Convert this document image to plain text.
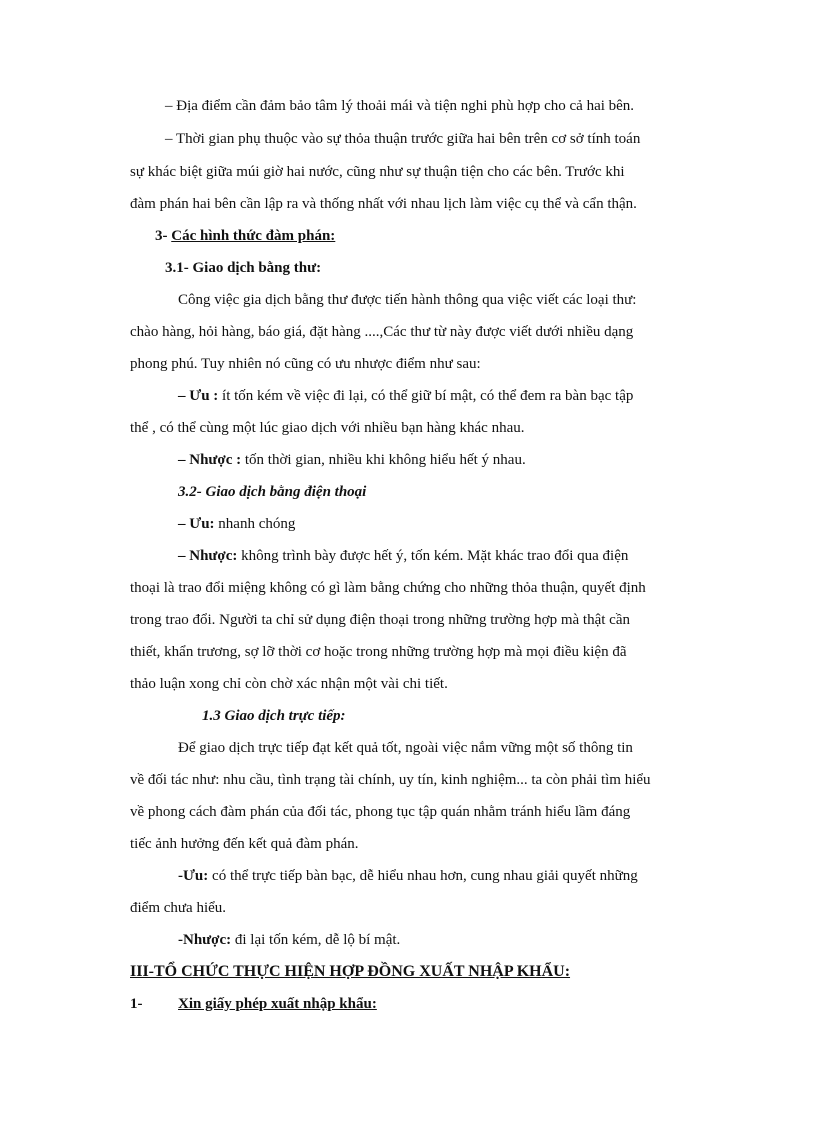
– Địa điểm cần đảm bảo tâm lý thoải mái và tiện nghi phù hợp cho cả hai bên.
– Thời gian phụ thuộc vào sự thỏa thuận trước giữa hai bên trên cơ sở tính toán
sự khác biệt giữa múi giờ hai nước, cũng như sự thuận tiện cho các bên. Trước khi
đàm phán hai bên cần lập ra và thống nhất với nhau lịch làm việc cụ thể và cẩn thận.
3- Các hình thức đàm phán:
3.1- Giao dịch bằng thư:
Công việc gia dịch bằng thư được tiến hành thông qua việc viết các loại thư:
chào hàng, hỏi hàng, báo giá, đặt hàng ....,Các thư từ này được viết dưới nhiều dạng
phong phú. Tuy nhiên nó cũng có ưu nhược điểm như sau:
– Ưu : ít tốn kém về việc đi lại, có thể giữ bí mật, có thể đem ra bàn bạc tập
thể , có thể cùng một lúc giao dịch với nhiều bạn hàng khác nhau.
– Nhược : tốn thời gian, nhiều khi không hiểu hết ý nhau.
3.2- Giao dịch bằng điện thoại
– Ưu: nhanh chóng
– Nhược: không trình bày được hết ý, tốn kém. Mặt khác trao đổi qua điện
thoại là trao đổi miệng không có gì làm bằng chứng cho những thỏa thuận, quyết định
trong trao đổi. Người ta chỉ sử dụng điện thoại trong những trường hợp mà thật cần
thiết, khẩn trương, sợ lỡ thời cơ hoặc trong những trường hợp mà mọi điều kiện đã
thảo luận xong chỉ còn chờ xác nhận một vài chi tiết.
1.3 Giao dịch trực tiếp:
Để giao dịch trực tiếp đạt kết quả tốt, ngoài việc nắm vững một số thông tin
về đối tác như: nhu cầu, tình trạng tài chính, uy tín, kinh nghiệm... ta còn phải tìm hiểu
về phong cách đàm phán của đối tác, phong tục tập quán nhằm tránh hiểu lầm đáng
tiếc ảnh hưởng đến kết quả đàm phán.
-Ưu: có thể trực tiếp bàn bạc, dễ hiểu nhau hơn, cung nhau giải quyết những
điểm chưa hiểu.
-Nhược: đi lại tốn kém, dễ lộ bí mật.
III-TỔ CHỨC THỰC HIỆN HỢP ĐỒNG XUẤT NHẬP KHẨU:
1- Xin giấy phép xuất nhập khẩu:
